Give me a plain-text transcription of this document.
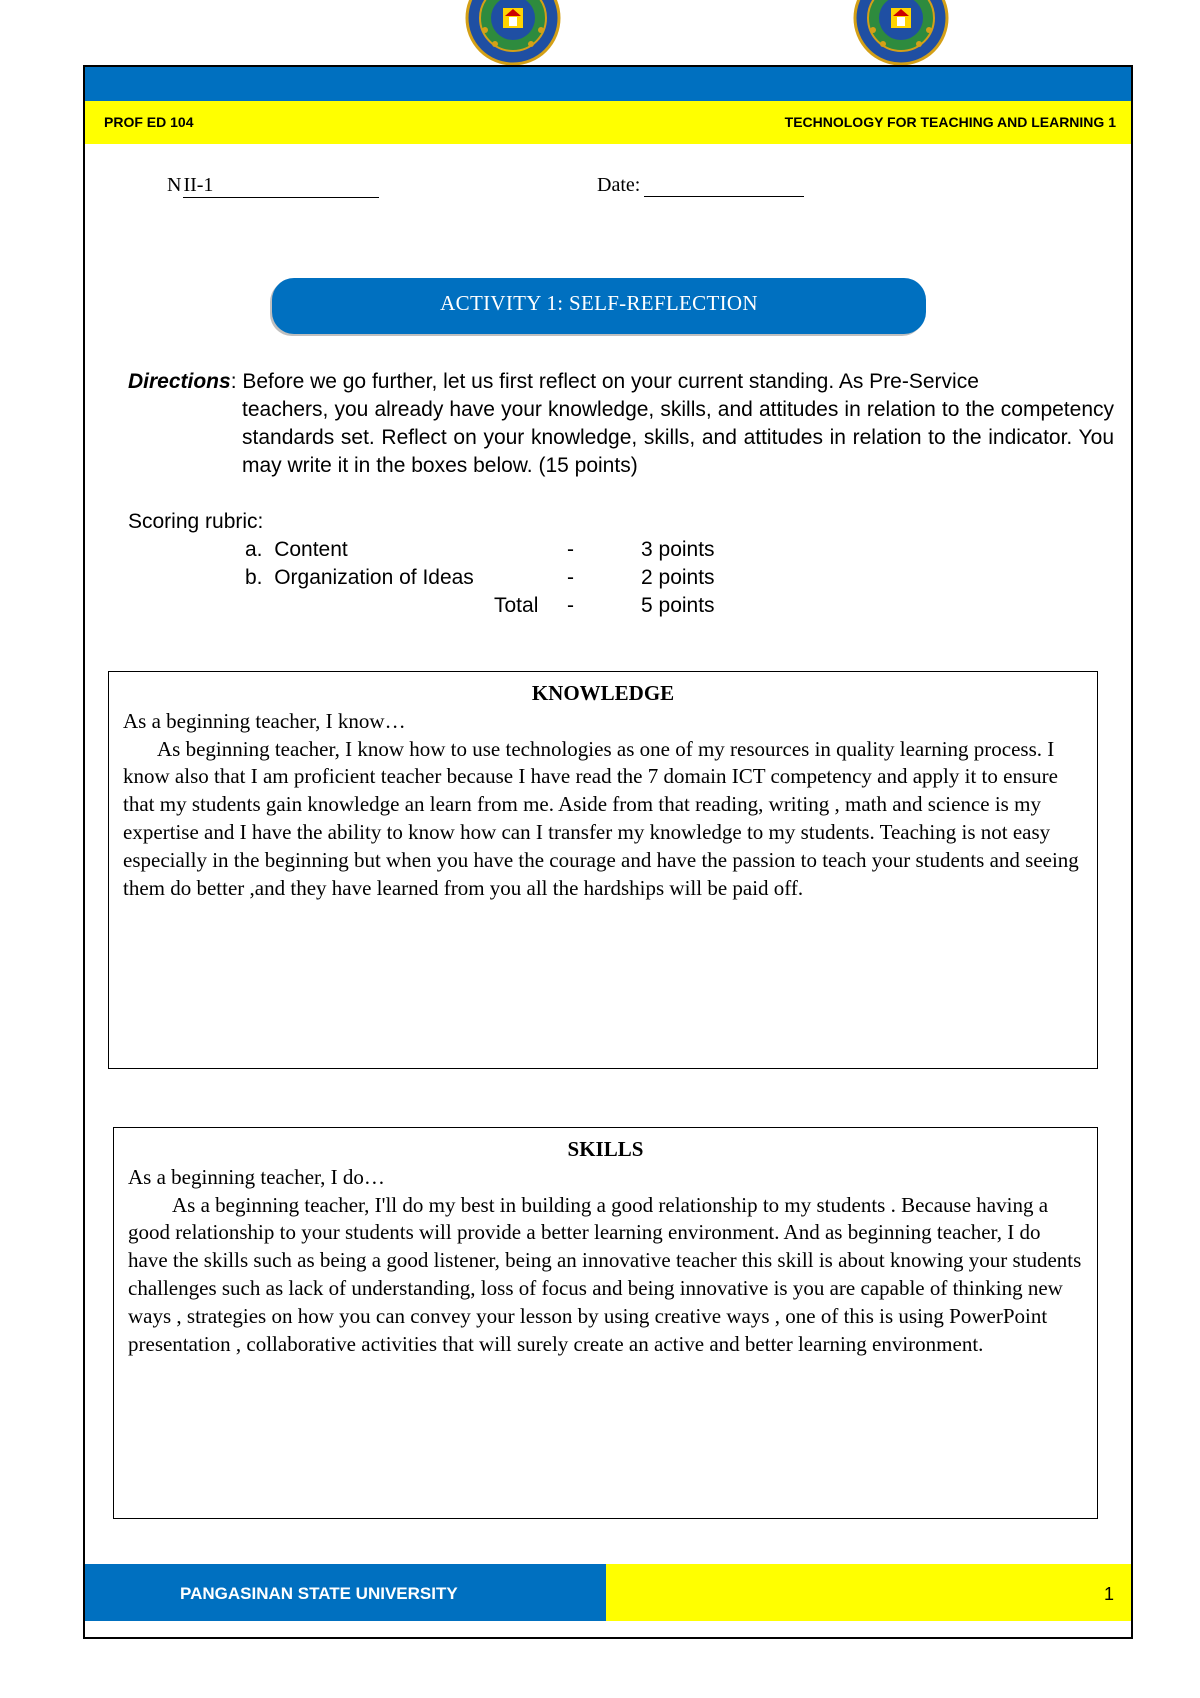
PROF ED 104	TECHNOLOGY FOR TEACHING AND LEARNING 1
N II-1	Date:
ACTIVITY 1: SELF-REFLECTION
Directions: Before we go further, let us first reflect on your current standing. As Pre-Service
teachers, you already have your knowledge, skills, and attitudes in relation to the competency standards set. Reflect on your knowledge, skills, and attitudes in relation to the indicator. You may write it in the boxes below. (15 points)
Scoring rubric:
a. Content	-	3 points
b. Organization of Ideas	-	2 points
Total -	5 points
KNOWLEDGE
As a beginning teacher, I know…
As beginning teacher, I know how to use technologies as one of my resources in quality learning process. I know also that I am proficient teacher because I have read the 7 domain ICT competency and apply it to ensure that my students gain knowledge an learn from me. Aside from that reading, writing , math and science is my expertise and I have the ability to know how can I transfer my knowledge to my students. Teaching is not easy especially in the beginning but when you have the courage and have the passion to teach your students and seeing them do better ,and they have learned from you all the hardships will be paid off.
SKILLS
As a beginning teacher, I do…
As a beginning teacher, I'll do my best in building a good relationship to my students . Because having a good relationship to your students will provide a better learning environment. And as beginning teacher, I do have the skills such as being a good listener, being an innovative teacher this skill is about knowing your students challenges such as lack of understanding, loss of focus and being innovative is you are capable of thinking new ways , strategies on how you can convey your lesson by using creative ways , one of this is using PowerPoint presentation , collaborative activities that will surely create an active and better learning environment.
PANGASINAN STATE UNIVERSITY	1
